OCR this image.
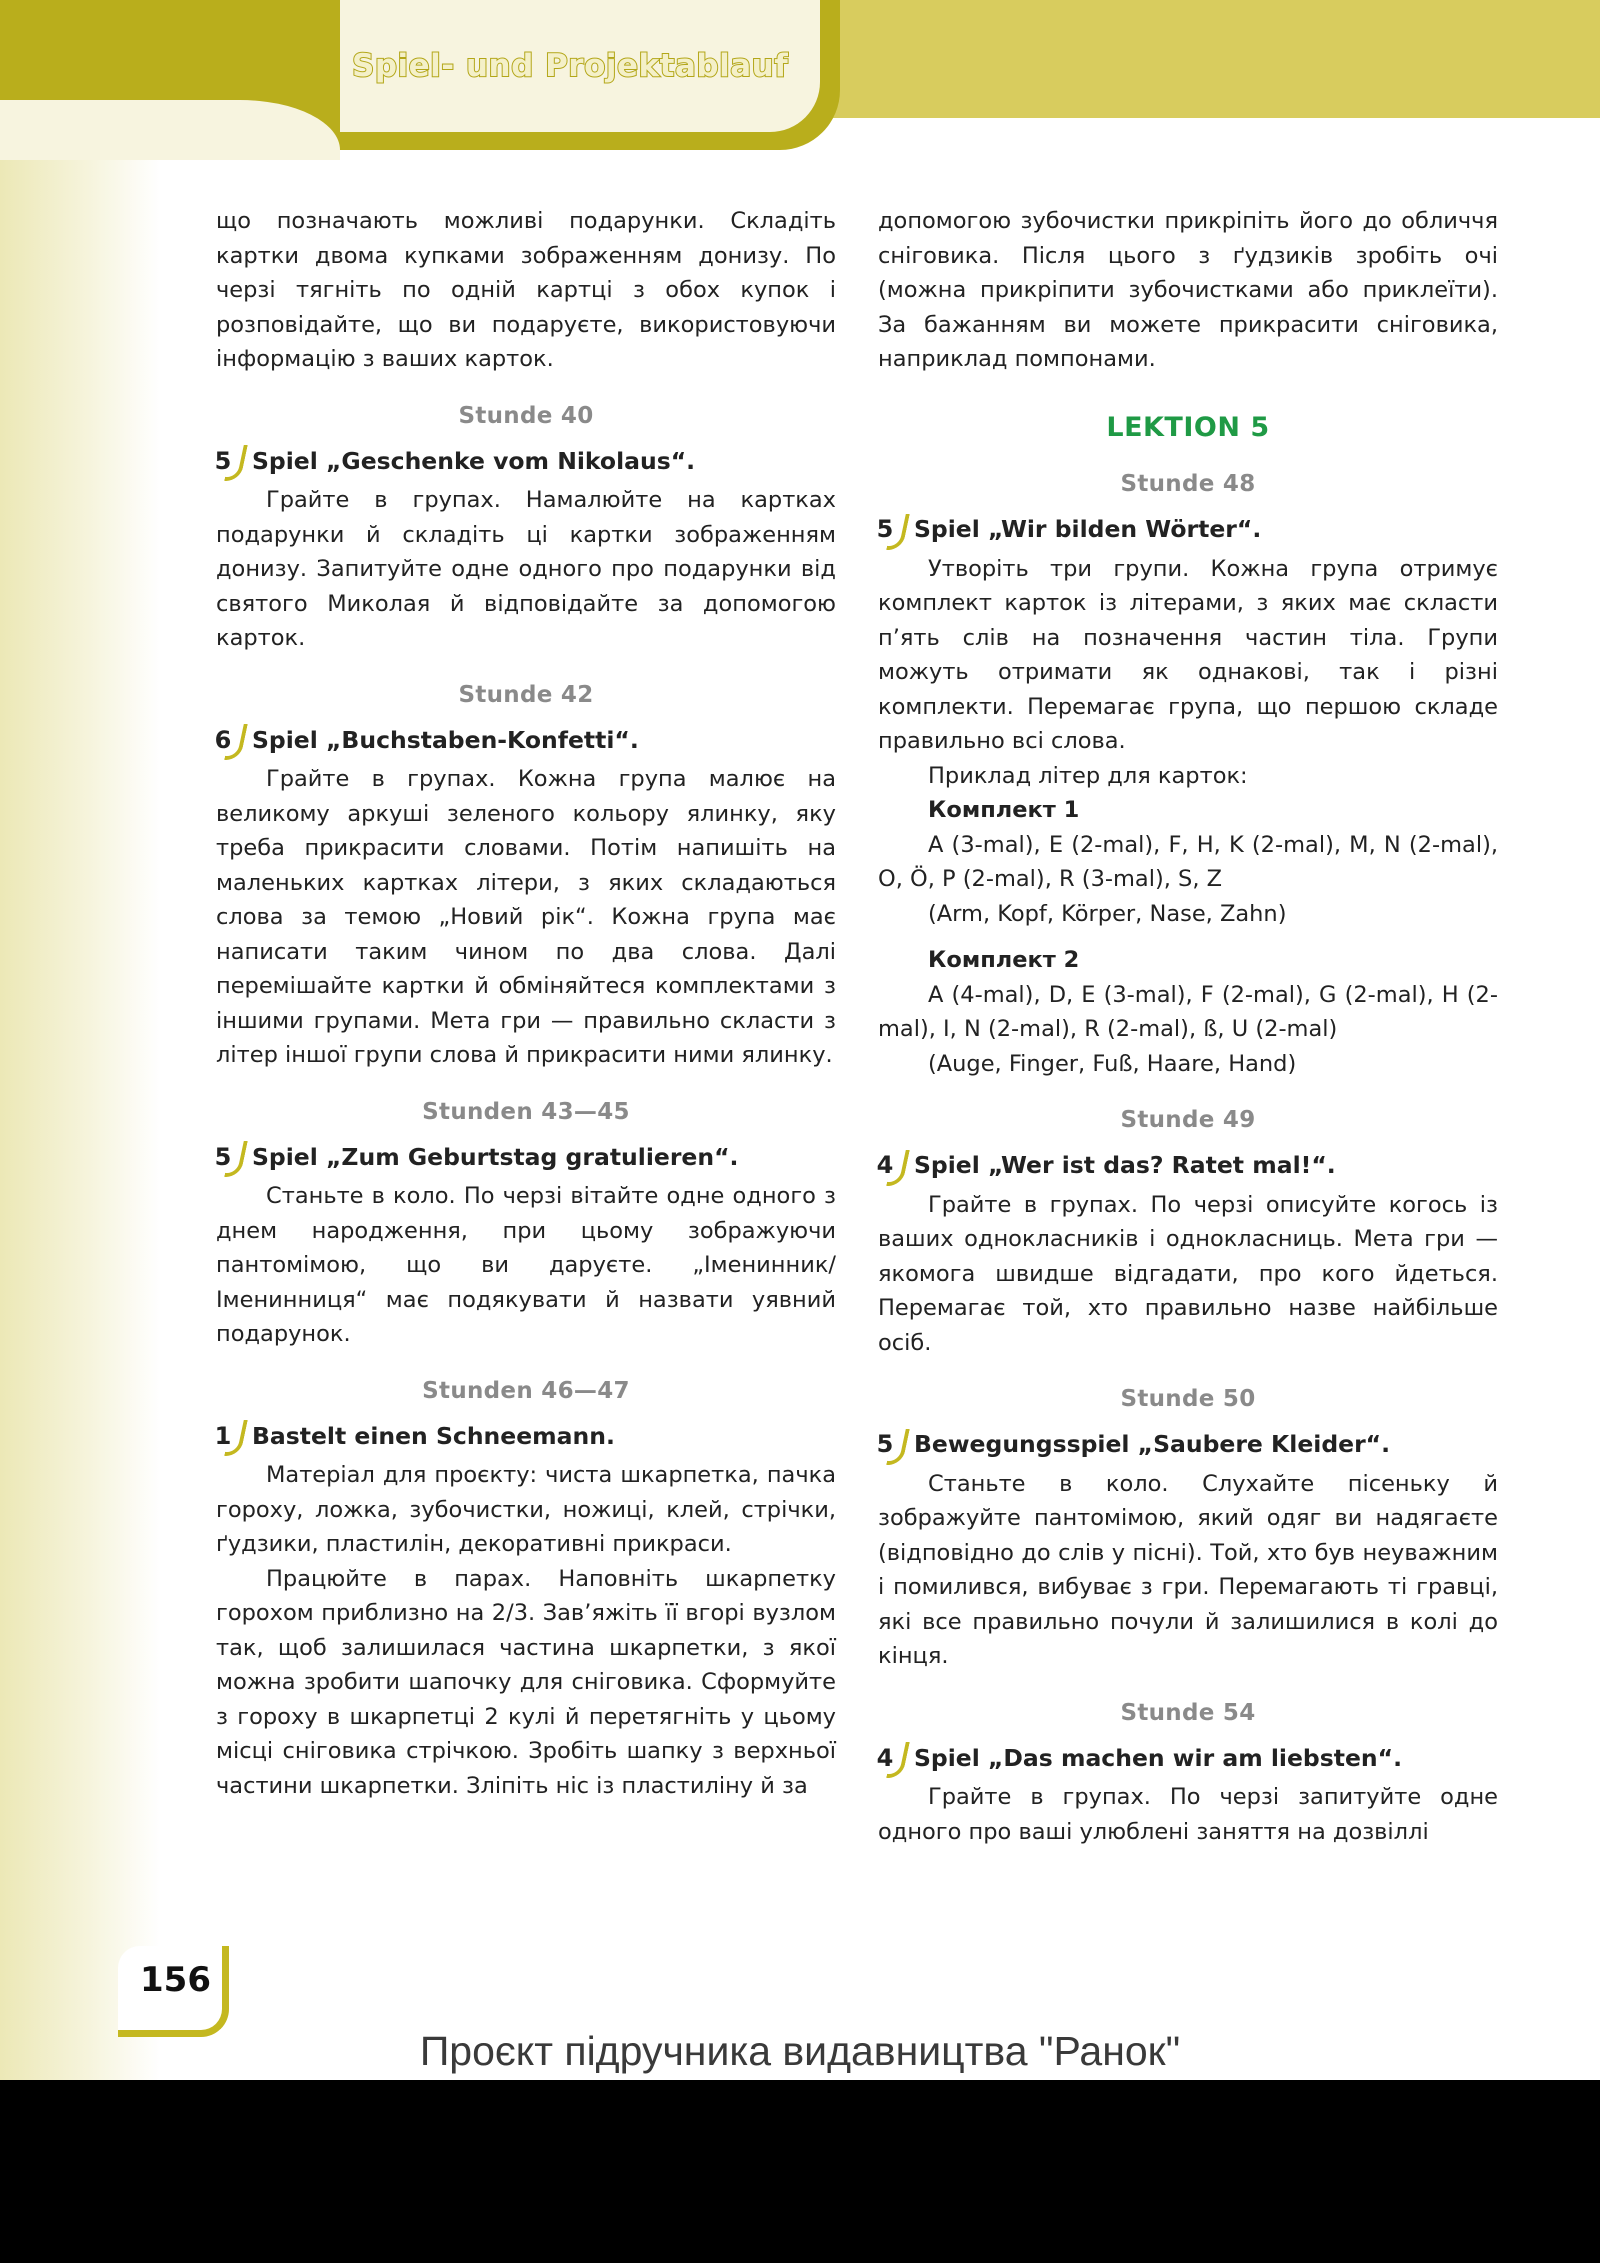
Spiel- und Projektablauf

що позначають можливі подарунки. Складіть картки двома купками зображенням донизу. По черзі тягніть по одній картці з обох купок і розповідайте, що ви подаруєте, використовуючи інформацію з ваших карток.

Stunde 40
5 Spiel „Geschenke vom Nikolaus“.

Грайте в групах. Намалюйте на картках подарунки й складіть ці картки зображенням донизу. Запитуйте одне одного про подарунки від святого Миколая й відповідайте за допомогою карток.

Stunde 42
6 Spiel „Buchstaben-Konfetti“.

Грайте в групах. Кожна група малює на великому аркуші зеленого кольору ялинку, яку треба прикрасити словами. Потім напишіть на маленьких картках літери, з яких складаються слова за темою „Новий рік“. Кожна група має написати таким чином по два слова. Далі перемішайте картки й обміняйтеся комплектами з іншими групами. Мета гри — правильно скласти з літер іншої групи слова й прикрасити ними ялинку.

Stunden 43—45
5 Spiel „Zum Geburtstag gratulieren“.

Станьте в коло. По черзі вітайте одне одного з днем народження, при цьому зображуючи пантомімою, що ви даруєте. „Іменинник/Іменинниця“ має подякувати й назвати уявний подарунок.

Stunden 46—47
1 Bastelt einen Schneemann.

Матеріал для проєкту: чиста шкарпетка, пачка гороху, ложка, зубочистки, ножиці, клей, стрічки, ґудзики, пластилін, декоративні прикраси.

Працюйте в парах. Наповніть шкарпетку горохом приблизно на 2/3. Зав’яжіть її вгорі вузлом так, щоб залишилася частина шкарпетки, з якої можна зробити шапочку для сніговика. Сформуйте з гороху в шкарпетці 2 кулі й перетягніть у цьому місці сніговика стрічкою. Зробіть шапку з верхньої частини шкарпетки. Зліпіть ніс із пластиліну й за

допомогою зубочистки прикріпіть його до обличчя сніговика. Після цього з ґудзиків зробіть очі (можна прикріпити зубочистками або приклеїти). За бажанням ви можете прикрасити сніговика, наприклад помпонами.

LEKTION 5
Stunde 48
5 Spiel „Wir bilden Wörter“.

Утворіть три групи. Кожна група отримує комплект карток із літерами, з яких має скласти п’ять слів на позначення частин тіла. Групи можуть отримати як однакові, так і різні комплекти. Перемагає група, що першою складе правильно всі слова.

Приклад літер для карток:

Комплект 1

A (3-mal), E (2-mal), F, H, K (2-mal), M, N (2-mal), O, Ö, P (2-mal), R (3-mal), S, Z

(Arm, Kopf, Körper, Nase, Zahn)

Комплект 2

A (4-mal), D, E (3-mal), F (2-mal), G (2-mal), H (2-mal), I, N (2-mal), R (2-mal), ß, U (2-mal)

(Auge, Finger, Fuß, Haare, Hand)

Stunde 49
4 Spiel „Wer ist das? Ratet mal!“.

Грайте в групах. По черзі описуйте когось із ваших однокласників і однокласниць. Мета гри — якомога швидше відгадати, про кого йдеться. Перемагає той, хто правильно назве найбільше осіб.

Stunde 50
5 Bewegungsspiel „Saubere Kleider“.

Станьте в коло. Слухайте пісеньку й зображуйте пантомімою, який одяг ви надягаєте (відповідно до слів у пісні). Той, хто був неуважним і помилився, вибуває з гри. Перемагають ті гравці, які все правильно почули й залишилися в колі до кінця.

Stunde 54
4 Spiel „Das machen wir am liebsten“.

Грайте в групах. По черзі запитуйте одне одного про ваші улюблені заняття на дозвіллі

156
Проєкт підручника видавництва "Ранок"
